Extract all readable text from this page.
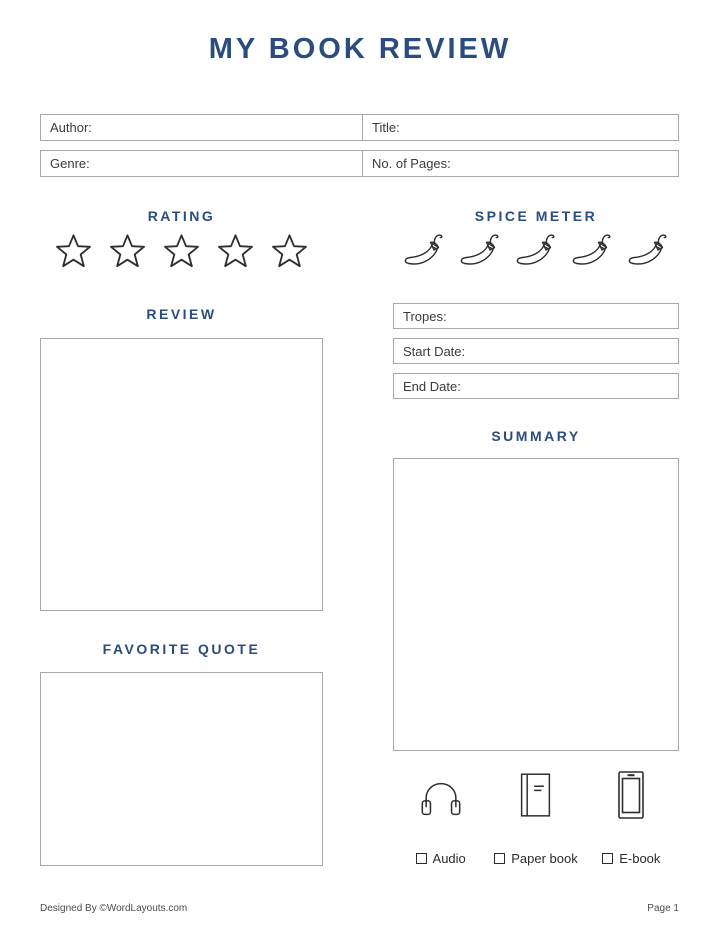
MY BOOK REVIEW
Author:	Title:
Genre:	No. of Pages:
RATING	SPICE METER
REVIEW	Tropes:
Start Date:
End Date:
SUMMARY
FAVORITE QUOTE
Audio	Paper book	E-book
Designed By ©WordLayouts.com	Page 1
